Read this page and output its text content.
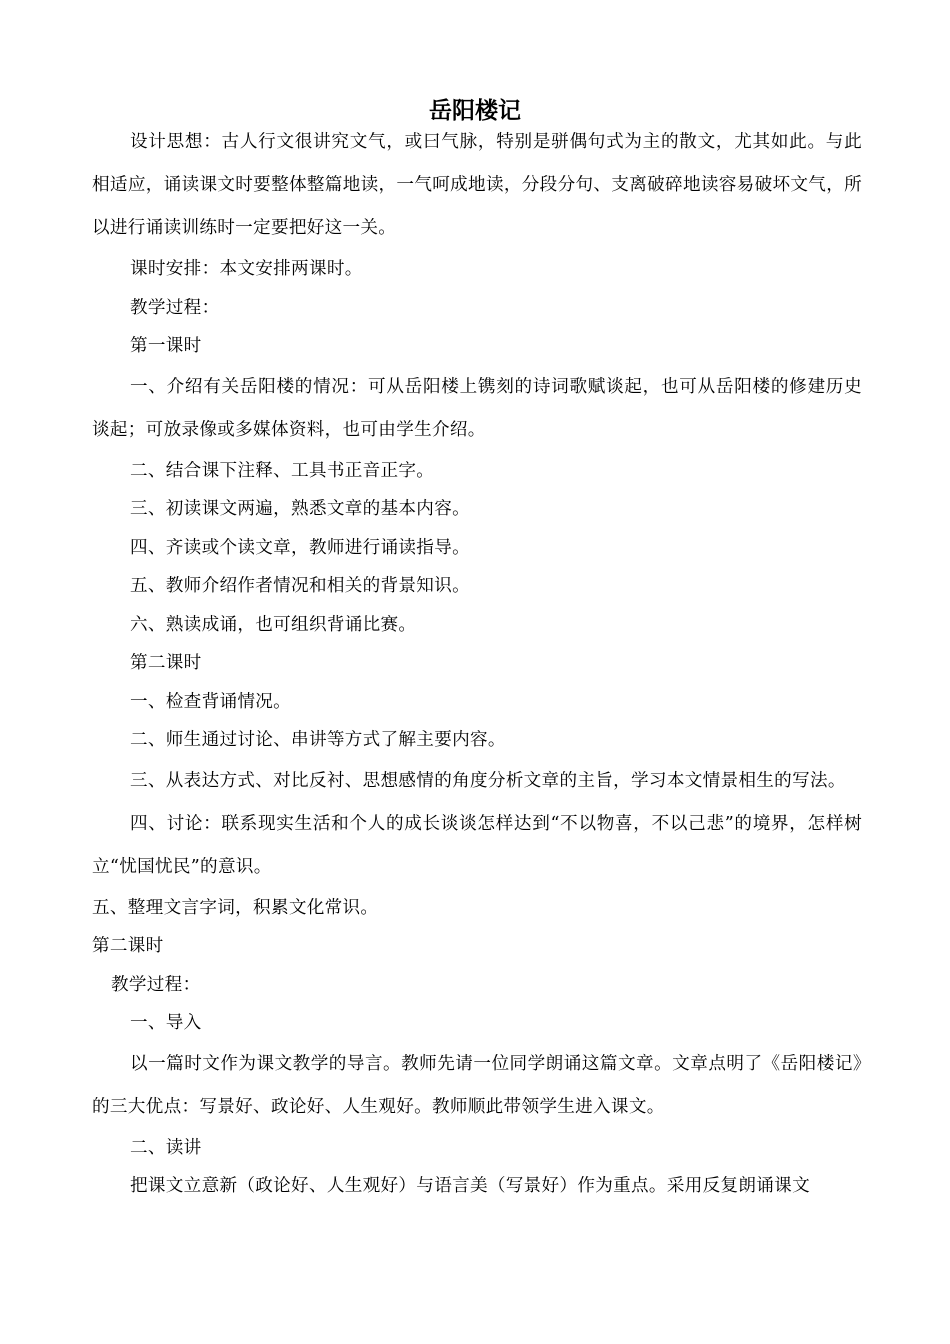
岳阳楼记

设计思想：古人行文很讲究文气，或曰气脉，特别是骈偶句式为主的散文，尤其如此。与此相适应，诵读课文时要整体整篇地读，一气呵成地读，分段分句、支离破碎地读容易破坏文气，所以进行诵读训练时一定要把好这一关。

课时安排：本文安排两课时。

教学过程：

第一课时

一、介绍有关岳阳楼的情况：可从岳阳楼上镌刻的诗词歌赋谈起，也可从岳阳楼的修建历史谈起；可放录像或多媒体资料，也可由学生介绍。

二、结合课下注释、工具书正音正字。

三、初读课文两遍，熟悉文章的基本内容。

四、齐读或个读文章，教师进行诵读指导。

五、教师介绍作者情况和相关的背景知识。

六、熟读成诵，也可组织背诵比赛。

第二课时

一、检查背诵情况。

二、师生通过讨论、串讲等方式了解主要内容。

三、从表达方式、对比反衬、思想感情的角度分析文章的主旨，学习本文情景相生的写法。

四、讨论：联系现实生活和个人的成长谈谈怎样达到“不以物喜，不以己悲”的境界，怎样树立“忧国忧民”的意识。

五、整理文言字词，积累文化常识。

第二课时

教学过程：

一、导入

以一篇时文作为课文教学的导言。教师先请一位同学朗诵这篇文章。文章点明了《岳阳楼记》的三大优点：写景好、政论好、人生观好。教师顺此带领学生进入课文。

二、读讲

把课文立意新（政论好、人生观好）与语言美（写景好）作为重点。采用反复朗诵课文
